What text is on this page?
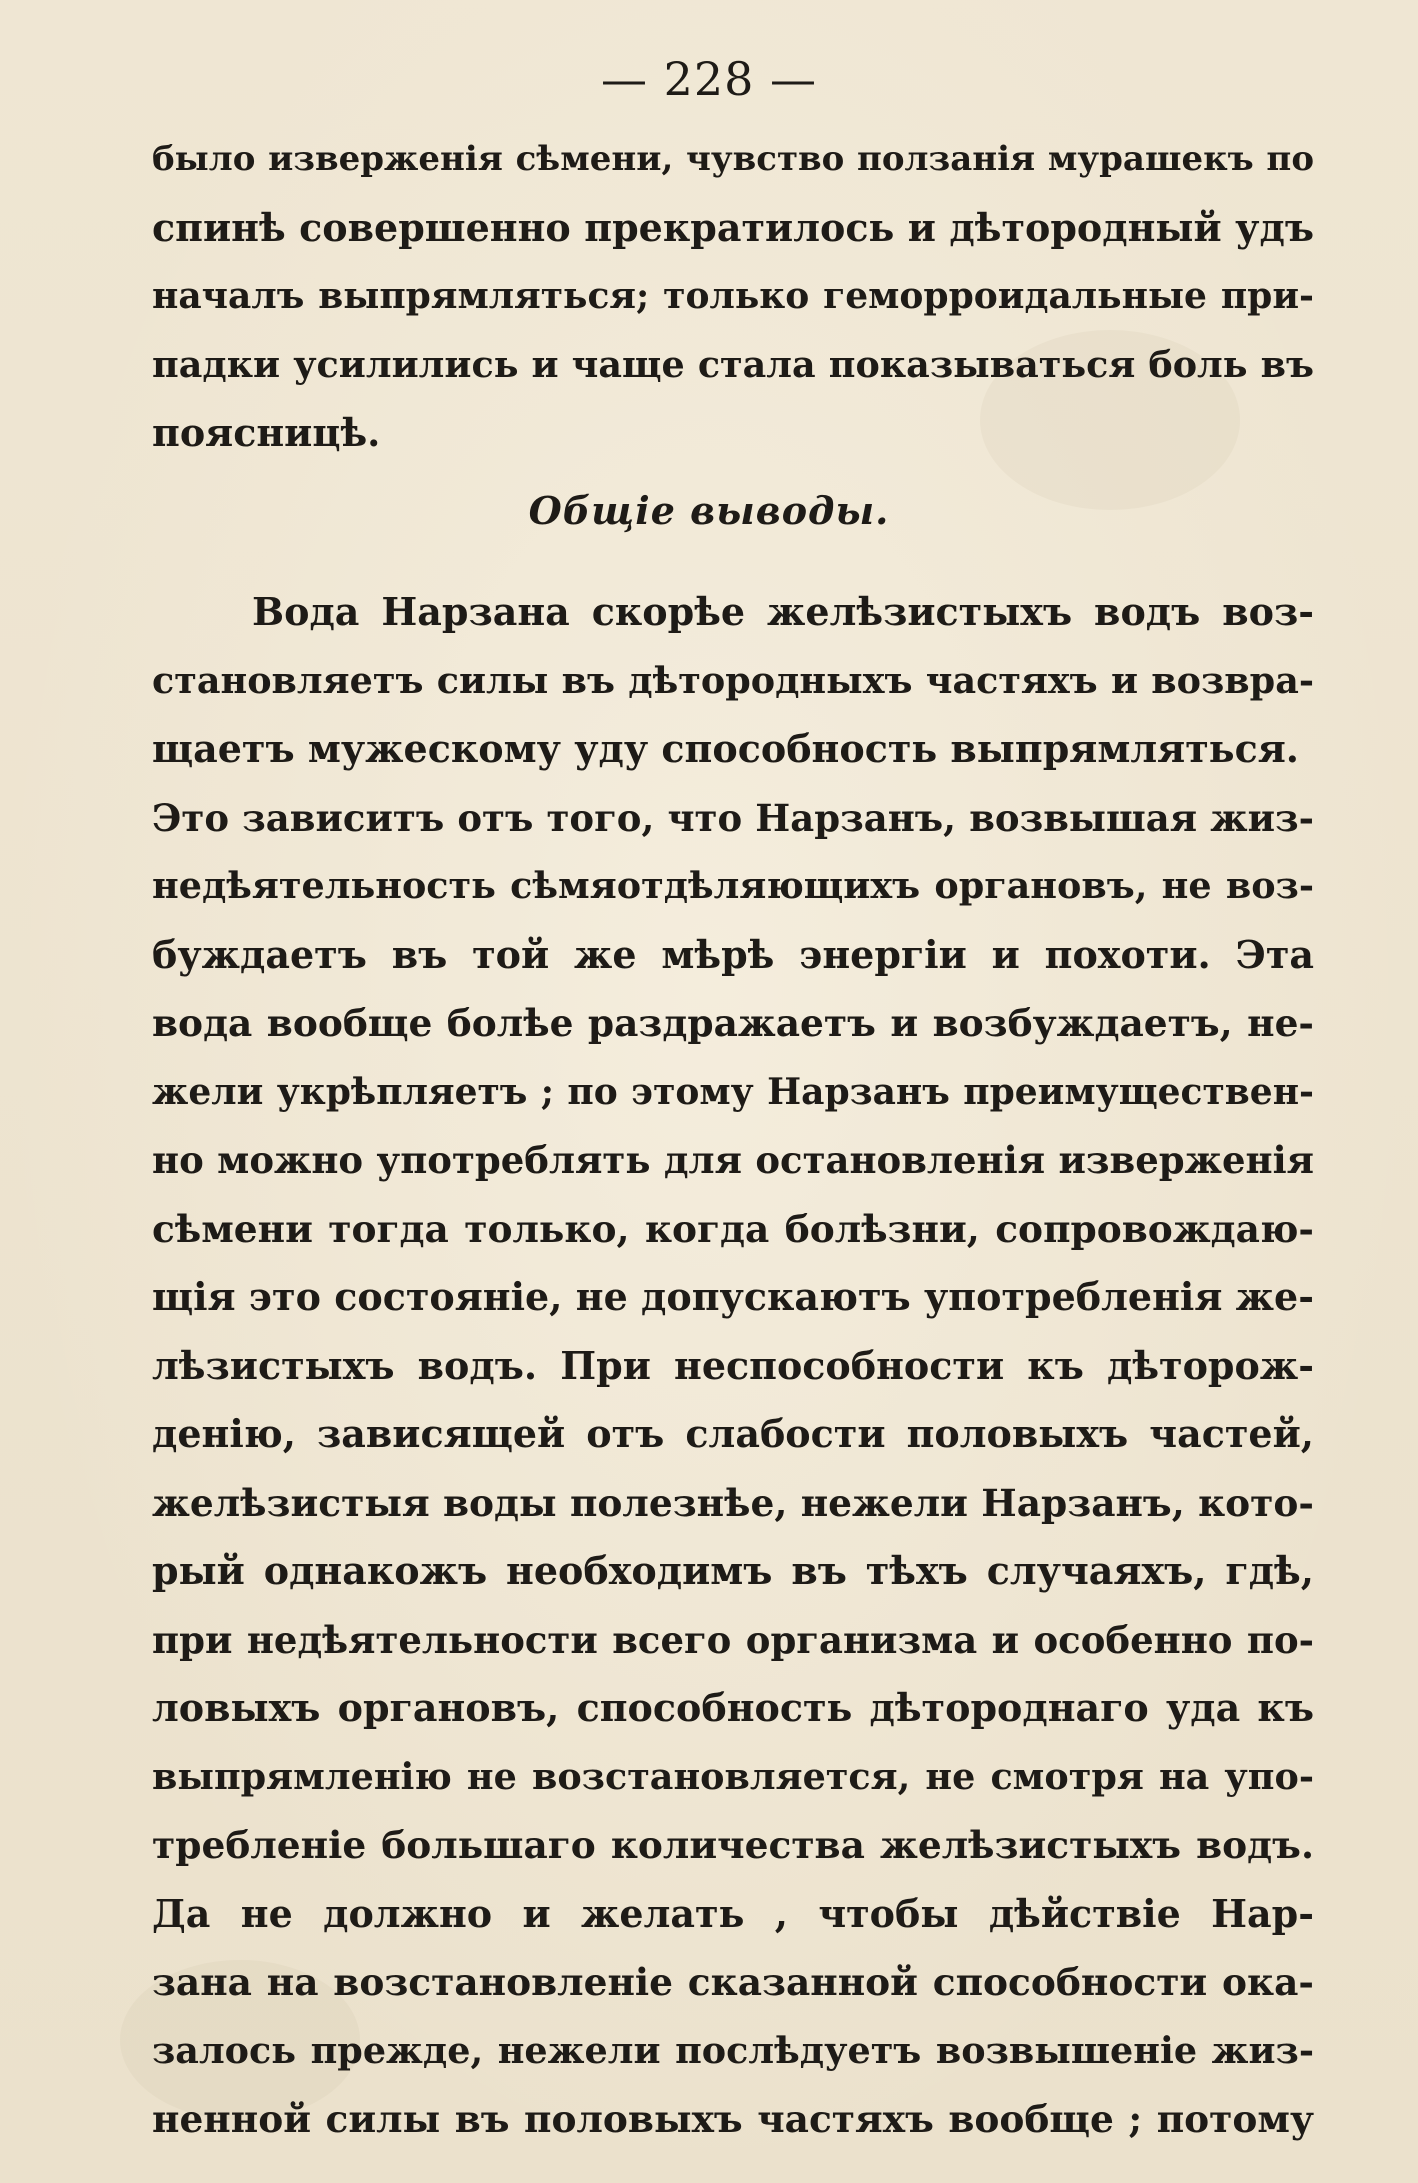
— 228 —
было изверженія сѣмени, чувство ползанія мурашекъ по
спинѣ совершенно прекратилось и дѣтородный удъ
началъ выпрямляться; только геморроидальные при-
падки усилились и чаще стала показываться боль въ
поясницѣ.
Общіе выводы.
Вода Нарзана скорѣе желѣзистыхъ водъ воз-
становляетъ силы въ дѣтородныхъ частяхъ и возвра-
щаетъ мужескому уду способность выпрямляться.
Это зависитъ отъ того, что Нарзанъ, возвышая жиз-
недѣятельность сѣмяотдѣляющихъ органовъ, не воз-
буждаетъ въ той же мѣрѣ энергіи и похоти. Эта
вода вообще болѣе раздражаетъ и возбуждаетъ, не-
жели укрѣпляетъ ; по этому Нарзанъ преимуществен-
но можно употреблять для остановленія изверженія
сѣмени тогда только, когда болѣзни, сопровождаю-
щія это состояніе, не допускаютъ употребленія же-
лѣзистыхъ водъ. При неспособности къ дѣторож-
денію, зависящей отъ слабости половыхъ частей,
желѣзистыя воды полезнѣе, нежели Нарзанъ, кото-
рый однакожъ необходимъ въ тѣхъ случаяхъ, гдѣ,
при недѣятельности всего организма и особенно по-
ловыхъ органовъ, способность дѣтороднаго уда къ
выпрямленію не возстановляется, не смотря на упо-
требленіе большаго количества желѣзистыхъ водъ.
Да не должно и желать , чтобы дѣйствіе Нар-
зана на возстановленіе сказанной способности ока-
залось прежде, нежели послѣдуетъ возвышеніе жиз-
ненной силы въ половыхъ частяхъ вообще ; потому
